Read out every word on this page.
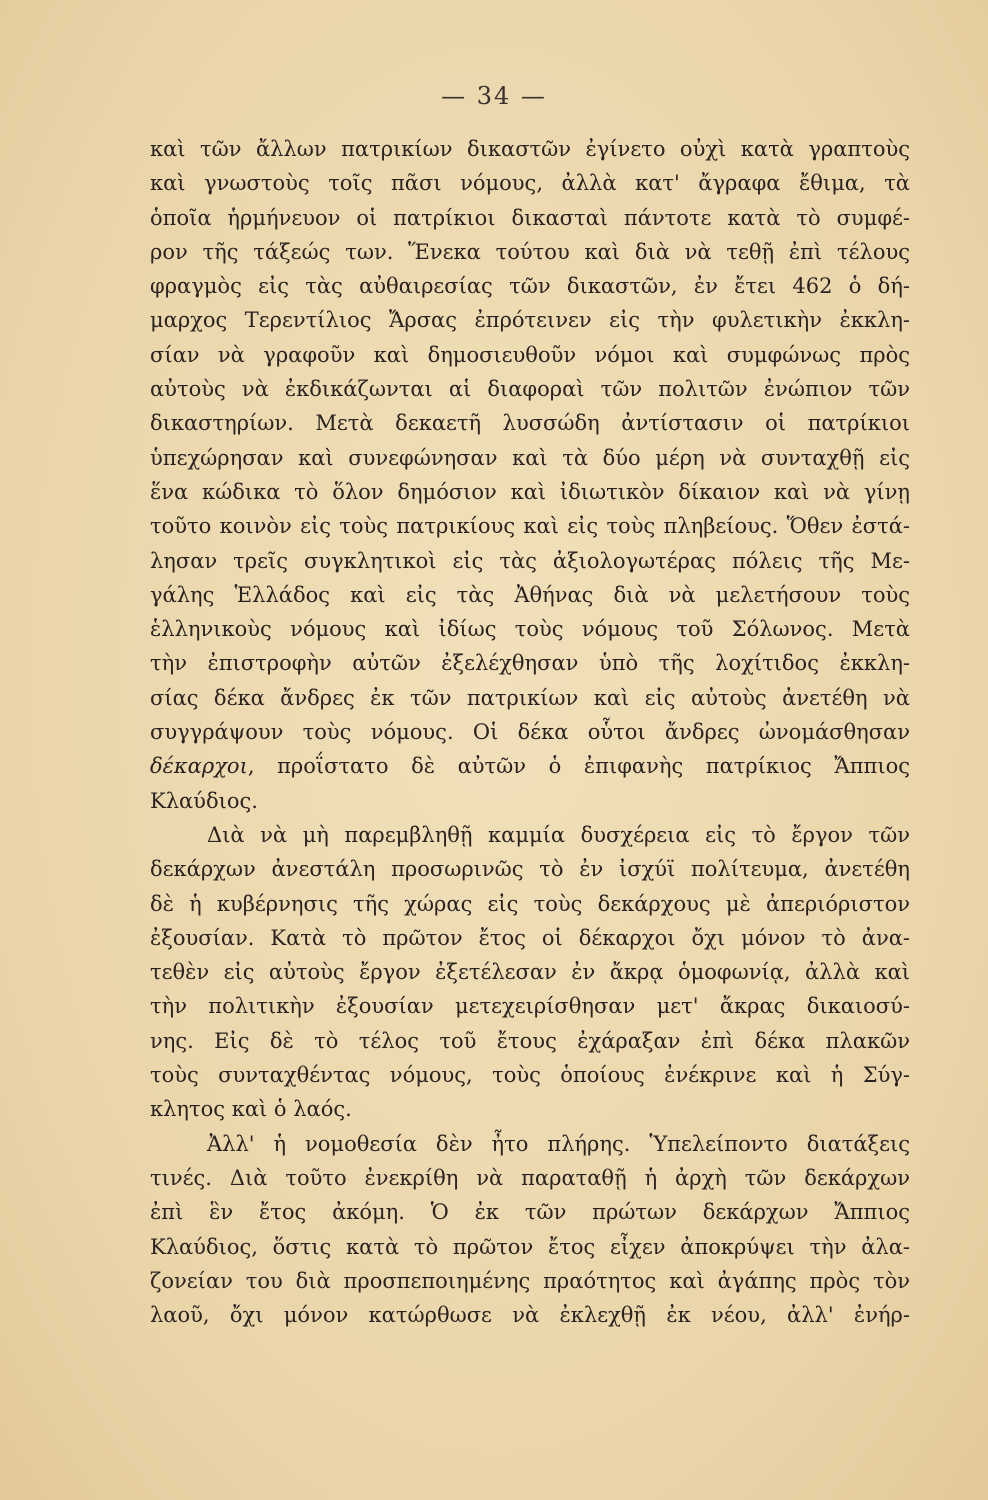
— 34 —
καὶ τῶν ἄλλων πατρικίων δικαστῶν ἐγίνετο οὐχὶ κατὰ γραπτοὺς
καὶ γνωστοὺς τοῖς πᾶσι νόμους, ἀλλὰ κατ' ἄγραφα ἔθιμα, τὰ
ὁποῖα ἡρμήνευον οἱ πατρίκιοι δικασταὶ πάντοτε κατὰ τὸ συμφέ-
ρον τῆς τάξεώς των. Ἕνεκα τούτου καὶ διὰ νὰ τεθῇ ἐπὶ τέλους
φραγμὸς εἰς τὰς αὐθαιρεσίας τῶν δικαστῶν, ἐν ἔτει 462 ὁ δή-
μαρχος Τερεντίλιος Ἄρσας ἐπρότεινεν εἰς τὴν φυλετικὴν ἐκκλη-
σίαν νὰ γραφοῦν καὶ δημοσιευθοῦν νόμοι καὶ συμφώνως πρὸς
αὐτοὺς νὰ ἐκδικάζωνται αἱ διαφοραὶ τῶν πολιτῶν ἐνώπιον τῶν
δικαστηρίων. Μετὰ δεκαετῆ λυσσώδη ἀντίστασιν οἱ πατρίκιοι
ὑπεχώρησαν καὶ συνεφώνησαν καὶ τὰ δύο μέρη νὰ συνταχθῇ εἰς
ἕνα κώδικα τὸ ὅλον δημόσιον καὶ ἰδιωτικὸν δίκαιον καὶ νὰ γίνῃ
τοῦτο κοινὸν εἰς τοὺς πατρικίους καὶ εἰς τοὺς πληβείους. Ὅθεν ἐστά-
λησαν τρεῖς συγκλητικοὶ εἰς τὰς ἀξιολογωτέρας πόλεις τῆς Με-
γάλης Ἑλλάδος καὶ εἰς τὰς Ἀθήνας διὰ νὰ μελετήσουν τοὺς
ἑλληνικοὺς νόμους καὶ ἰδίως τοὺς νόμους τοῦ Σόλωνος. Μετὰ
τὴν ἐπιστροφὴν αὐτῶν ἐξελέχθησαν ὑπὸ τῆς λοχίτιδος ἐκκλη-
σίας δέκα ἄνδρες ἐκ τῶν πατρικίων καὶ εἰς αὐτοὺς ἀνετέθη νὰ
συγγράψουν τοὺς νόμους. Οἱ δέκα οὗτοι ἄνδρες ὠνομάσθησαν
δέκαρχοι, προΐστατο δὲ αὐτῶν ὁ ἐπιφανὴς πατρίκιος Ἄππιος
Κλαύδιος.
Διὰ νὰ μὴ παρεμβληθῇ καμμία δυσχέρεια εἰς τὸ ἔργον τῶν
δεκάρχων ἀνεστάλη προσωρινῶς τὸ ἐν ἰσχύϊ πολίτευμα, ἀνετέθη
δὲ ἡ κυβέρνησις τῆς χώρας εἰς τοὺς δεκάρχους μὲ ἀπεριόριστον
ἐξουσίαν. Κατὰ τὸ πρῶτον ἔτος οἱ δέκαρχοι ὄχι μόνον τὸ ἀνα-
τεθὲν εἰς αὐτοὺς ἔργον ἐξετέλεσαν ἐν ἄκρᾳ ὁμοφωνίᾳ, ἀλλὰ καὶ
τὴν πολιτικὴν ἐξουσίαν μετεχειρίσθησαν μετ' ἄκρας δικαιοσύ-
νης. Εἰς δὲ τὸ τέλος τοῦ ἔτους ἐχάραξαν ἐπὶ δέκα πλακῶν
τοὺς συνταχθέντας νόμους, τοὺς ὁποίους ἐνέκρινε καὶ ἡ Σύγ-
κλητος καὶ ὁ λαός.
Ἀλλ' ἡ νομοθεσία δὲν ἦτο πλήρης. Ὑπελείποντο διατάξεις
τινές. Διὰ τοῦτο ἐνεκρίθη νὰ παραταθῇ ἡ ἀρχὴ τῶν δεκάρχων
ἐπὶ ἓν ἔτος ἀκόμη. Ὁ ἐκ τῶν πρώτων δεκάρχων Ἄππιος
Κλαύδιος, ὅστις κατὰ τὸ πρῶτον ἔτος εἶχεν ἀποκρύψει τὴν ἀλα-
ζονείαν του διὰ προσπεποιημένης πραότητος καὶ ἀγάπης πρὸς τὸν
λαοῦ, ὄχι μόνον κατώρθωσε νὰ ἐκλεχθῇ ἐκ νέου, ἀλλ' ἐνήρ-
